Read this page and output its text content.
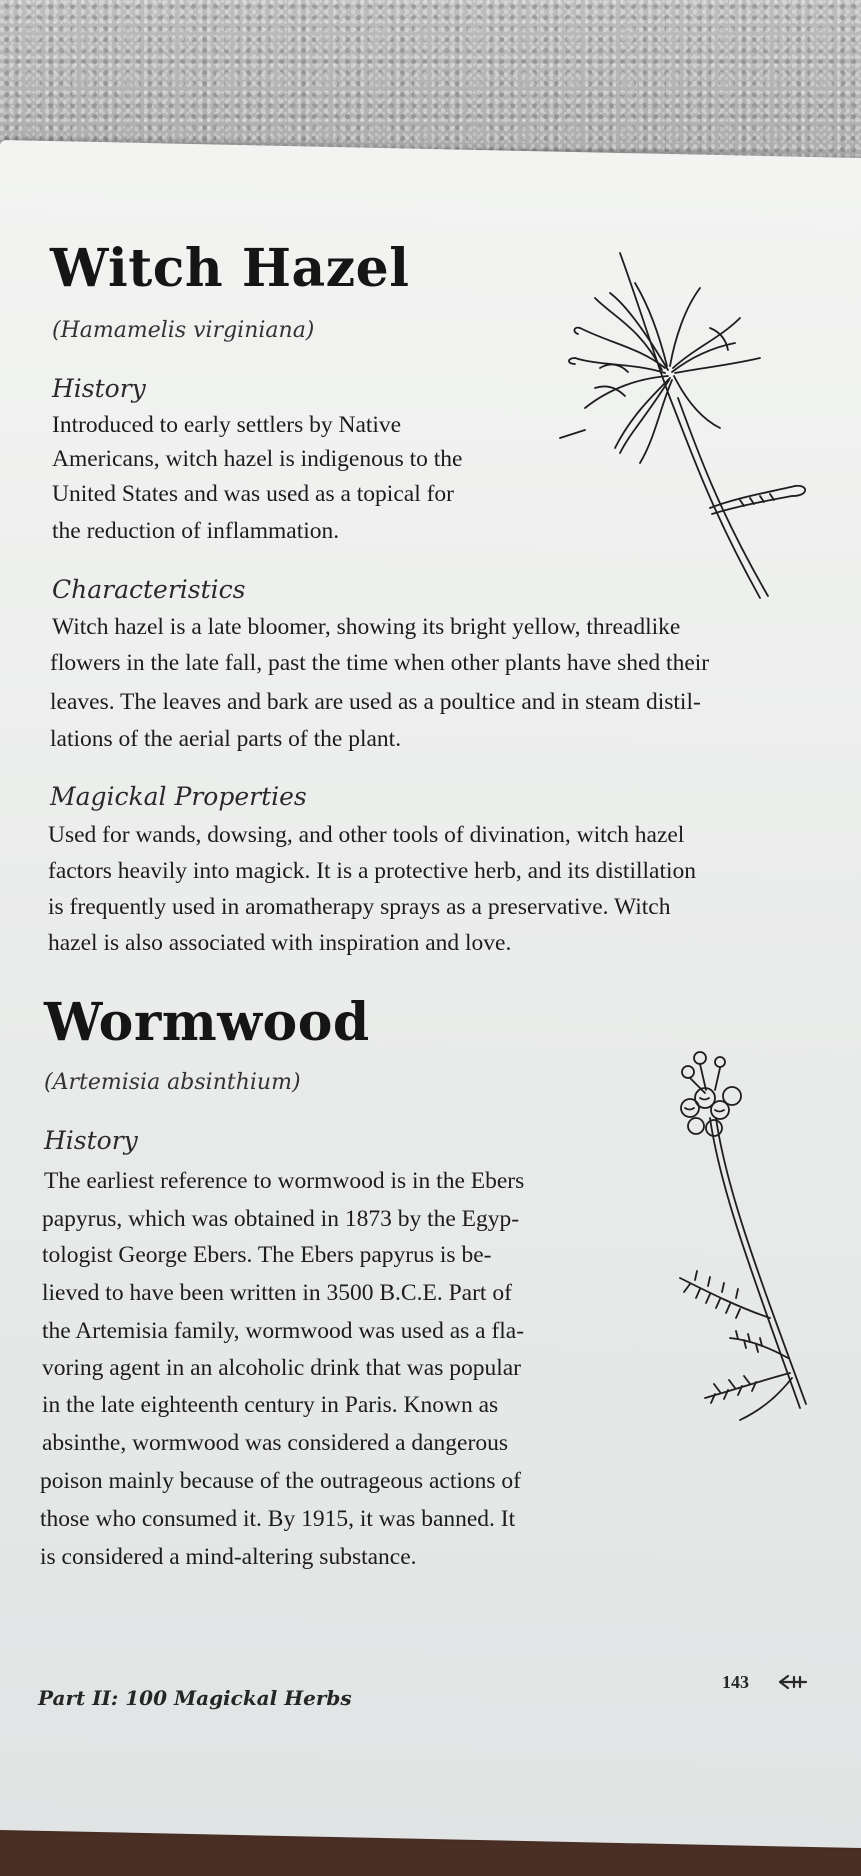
Witch Hazel
(Hamamelis virginiana)
History
Introduced to early settlers by Native
Americans, witch hazel is indigenous to the
United States and was used as a topical for
the reduction of inflammation.
Characteristics
Witch hazel is a late bloomer, showing its bright yellow, threadlike
flowers in the late fall, past the time when other plants have shed their
leaves. The leaves and bark are used as a poultice and in steam distil-
lations of the aerial parts of the plant.
Magickal Properties
Used for wands, dowsing, and other tools of divination, witch hazel
factors heavily into magick. It is a protective herb, and its distillation
is frequently used in aromatherapy sprays as a preservative. Witch
hazel is also associated with inspiration and love.
Wormwood
(Artemisia absinthium)
History
The earliest reference to wormwood is in the Ebers
papyrus, which was obtained in 1873 by the Egyp-
tologist George Ebers. The Ebers papyrus is be-
lieved to have been written in 3500 B.C.E. Part of
the Artemisia family, wormwood was used as a fla-
voring agent in an alcoholic drink that was popular
in the late eighteenth century in Paris. Known as
absinthe, wormwood was considered a dangerous
poison mainly because of the outrageous actions of
those who consumed it. By 1915, it was banned. It
is considered a mind-altering substance.
Part II: 100 Magickal Herbs
143
